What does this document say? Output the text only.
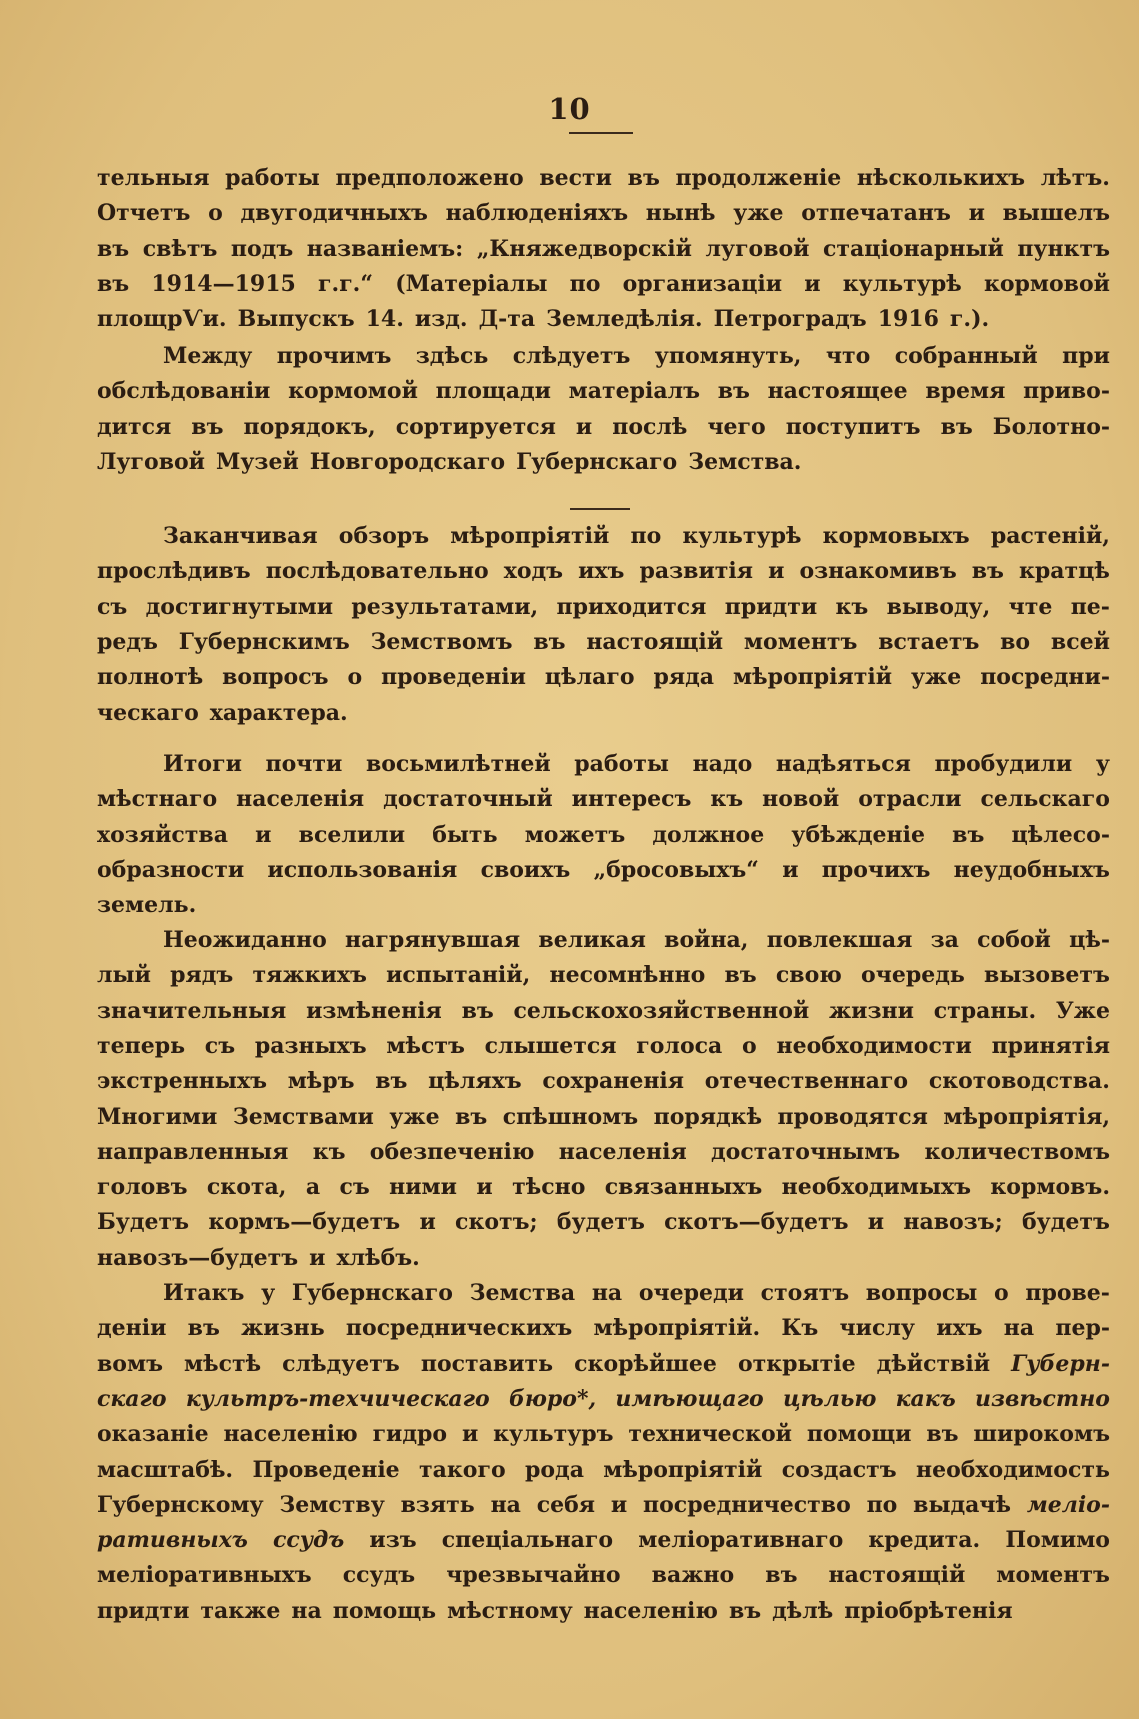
10
тельныя работы предположено вести въ продолженіе нѣсколькихъ лѣтъ.
Отчетъ о двугодичныхъ наблюденіяхъ нынѣ уже отпечатанъ и вышелъ
въ свѣтъ подъ названіемъ: „Княжедворскій луговой стаціонарный пунктъ
въ 1914—1915 г.г.“ (Матеріалы по организаціи и культурѣ кормовой
площрѴи. Выпускъ 14. изд. Д-та Земледѣлія. Петроградъ 1916 г.).
Между прочимъ здѣсь слѣдуетъ упомянуть, что собранный при
обслѣдованіи кормомой площади матеріалъ въ настоящее время приво-
дится въ порядокъ, сортируется и послѣ чего поступитъ въ Болотно-
Луговой Музей Новгородскаго Губернскаго Земства.
Заканчивая обзоръ мѣропріятій по культурѣ кормовыхъ растеній,
прослѣдивъ послѣдовательно ходъ ихъ развитія и ознакомивъ въ кратцѣ
съ достигнутыми результатами, приходится придти къ выводу, чте пе-
редъ Губернскимъ Земствомъ въ настоящій моментъ встаетъ во всей
полнотѣ вопросъ о проведеніи цѣлаго ряда мѣропріятій уже посредни-
ческаго характера.
Итоги почти восьмилѣтней работы надо надѣяться пробудили у
мѣстнаго населенія достаточный интересъ къ новой отрасли сельскаго
хозяйства и вселили быть можетъ должное убѣжденіе въ цѣлесо-
образности использованія своихъ „бросовыхъ“ и прочихъ неудобныхъ
земель.
Неожиданно нагрянувшая великая война, повлекшая за собой цѣ-
лый рядъ тяжкихъ испытаній, несомнѣнно въ свою очередь вызоветъ
значительныя измѣненія въ сельскохозяйственной жизни страны. Уже
теперь съ разныхъ мѣстъ слышется голоса о необходимости принятія
экстренныхъ мѣръ въ цѣляхъ сохраненія отечественнаго скотоводства.
Многими Земствами уже въ спѣшномъ порядкѣ проводятся мѣропріятія,
направленныя къ обезпеченію населенія достаточнымъ количествомъ
головъ скота, а съ ними и тѣсно связанныхъ необходимыхъ кормовъ.
Будетъ кормъ—будетъ и скотъ; будетъ скотъ—будетъ и навозъ; будетъ
навозъ—будетъ и хлѣбъ.
Итакъ у Губернскаго Земства на очереди стоятъ вопросы о прове-
деніи въ жизнь посредническихъ мѣропріятій. Къ числу ихъ на пер-
вомъ мѣстѣ слѣдуетъ поставить скорѣйшее открытіе дѣйствій Губерн-
скаго культръ-техчическаго бюро*, имѣющаго цѣлью какъ извѣстно
оказаніе населенію гидро и культуръ технической помощи въ широкомъ
масштабѣ. Проведеніе такого рода мѣропріятій создастъ необходимость
Губернскому Земству взять на себя и посредничество по выдачѣ меліо-
ративныхъ ссудъ изъ спеціальнаго меліоративнаго кредита. Помимо
меліоративныхъ ссудъ чрезвычайно важно въ настоящій моментъ
придти также на помощь мѣстному населенію въ дѣлѣ пріобрѣтенія
